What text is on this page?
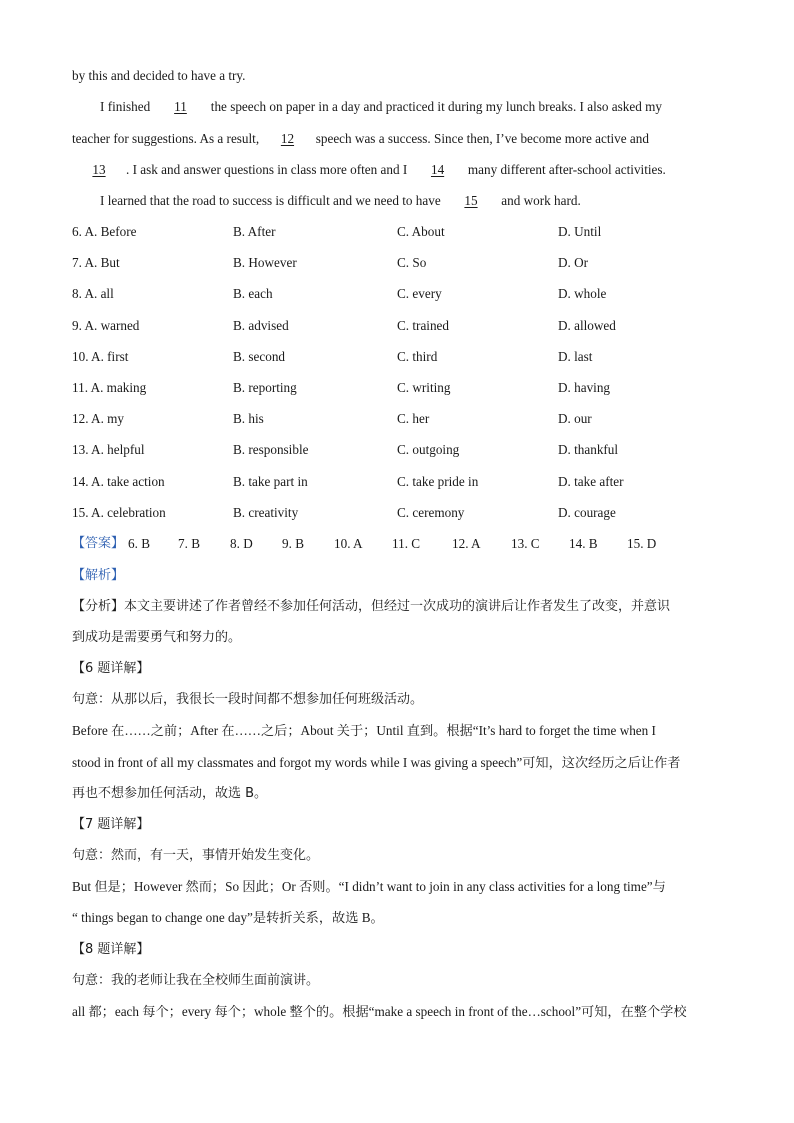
by this and decided to have a try.
I finished 11 the speech on paper in a day and practiced it during my lunch breaks. I also asked my
teacher for suggestions. As a result, 12 speech was a success. Since then, I’ve become more active and
13 . I ask and answer questions in class more often and I 14 many different after-school activities.
I learned that the road to success is difficult and we need to have 15 and work hard.
6. A. Before	B. After	C. About	D. Until
7. A. But	B. However	C. So	D. Or
8. A. all	B. each	C. every	D. whole
9. A. warned	B. advised	C. trained	D. allowed
10. A. first	B. second	C. third	D. last
11. A. making	B. reporting	C. writing	D. having
12. A. my	B. his	C. her	D. our
13. A. helpful	B. responsible	C. outgoing	D. thankful
14. A. take action	B. take part in	C. take pride in	D. take after
15. A. celebration	B. creativity	C. ceremony	D. courage
【答案】 6. B 7. B 8. D 9. B 10. A 11. C 12. A 13. C 14. B 15. D
【解析】
【分析】本文主要讲述了作者曾经不参加任何活动，但经过一次成功的演讲后让作者发生了改变，并意识
到成功是需要勇气和努力的。
【6 题详解】
句意：从那以后，我很长一段时间都不想参加任何班级活动。
Before 在……之前；After 在……之后；About 关于；Until 直到。根据“It’s hard to forget the time when I
stood in front of all my classmates and forgot my words while I was giving a speech”可知，这次经历之后让作者
再也不想参加任何活动，故选 B。
【7 题详解】
句意：然而，有一天，事情开始发生变化。
But 但是；However 然而；So 因此；Or 否则。“I didn’t want to join in any class activities for a long time”与
“ things began to change one day”是转折关系，故选 B。
【8 题详解】
句意：我的老师让我在全校师生面前演讲。
all 都；each 每个；every 每个；whole 整个的。根据“make a speech in front of the…school”可知，在整个学校
